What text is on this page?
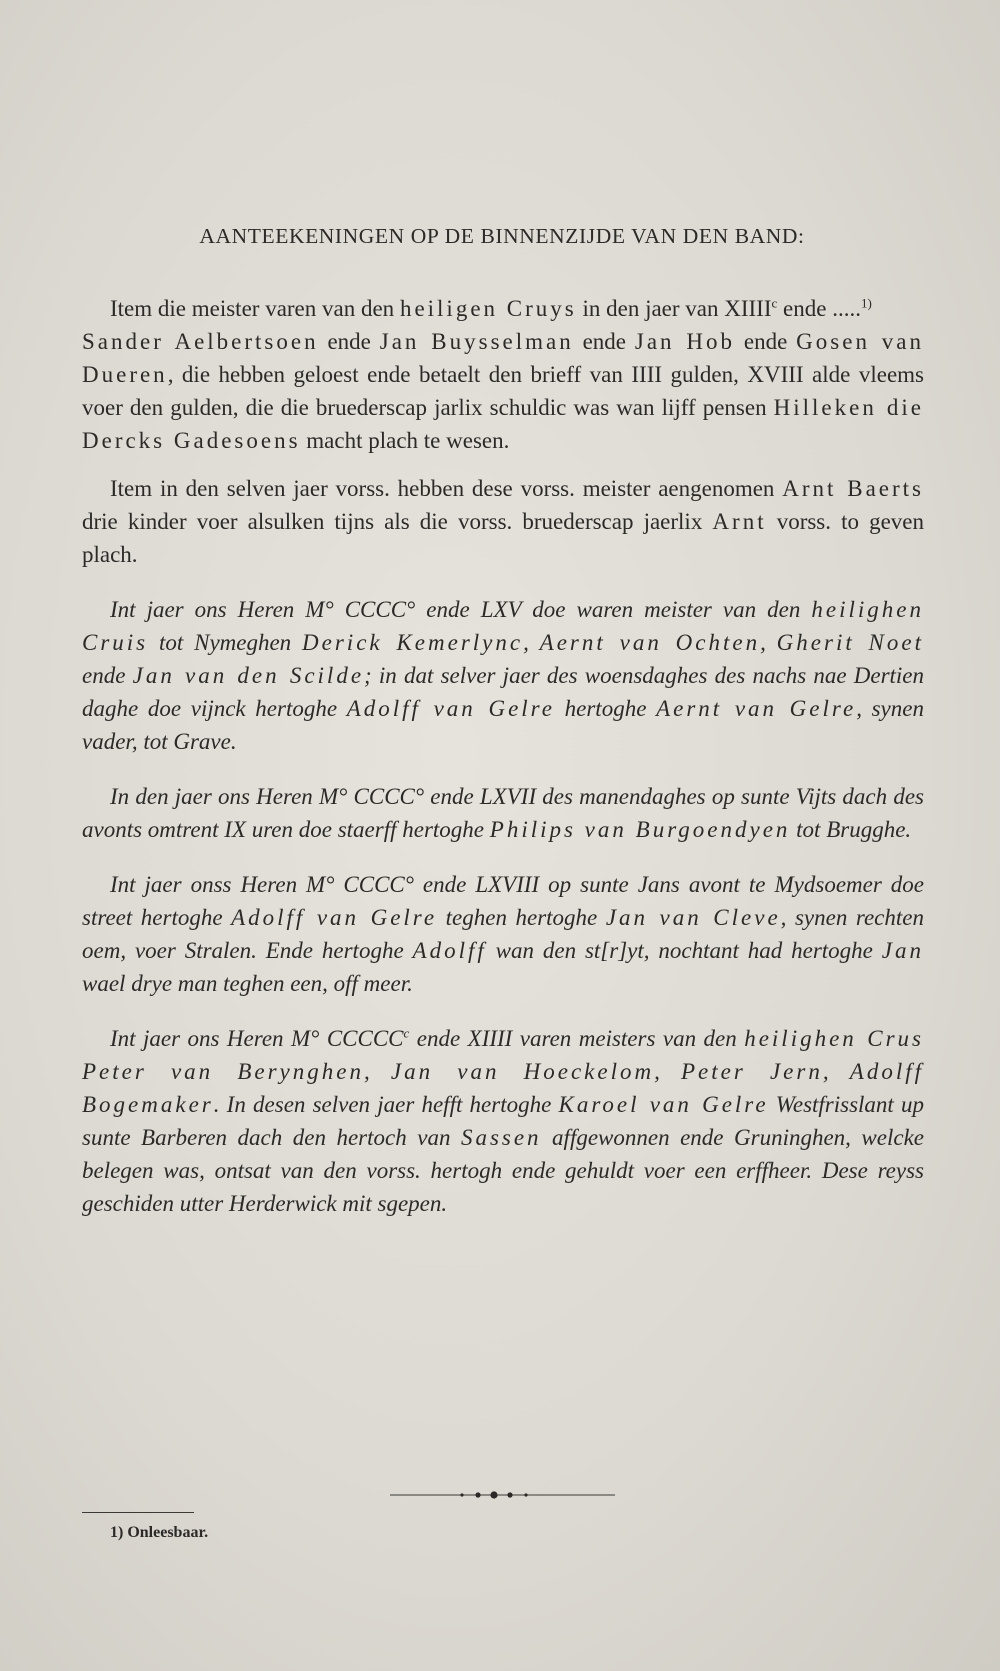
AANTEEKENINGEN OP DE BINNENZIJDE VAN DEN BAND:

Item die meister varen van den heiligen Cruys in den jaer van XIIII$^c$ ende .....$^{1)}$
Sander Aelbertsoen ende Jan Buysselman ende Jan Hob ende Gosen van Dueren, die hebben geloest ende betaelt den brieff van IIII gulden, XVIII alde vleems voer den gulden, die die bruederscap jarlix schuldic was wan lijff pensen Hilleken die Dercks Gadesoens macht plach te wesen.

Item in den selven jaer vorss. hebben dese vorss. meister aengenomen Arnt Baerts drie kinder voer alsulken tijns als die vorss. bruederscap jaerlix Arnt vorss. to geven plach.

Int jaer ons Heren M° CCCC° ende LXV doe waren meister van den heilighen Cruis tot Nymeghen Derick Kemerlync, Aernt van Ochten, Gherit Noet ende Jan van den Scilde; in dat selver jaer des woensdaghes des nachs nae Dertien daghe doe vijnck hertoghe Adolff van Gelre hertoghe Aernt van Gelre, synen vader, tot Grave.

In den jaer ons Heren M° CCCC° ende LXVII des manendaghes op sunte Vijts dach des avonts omtrent IX uren doe staerff hertoghe Philips van Burgoendyen tot Brugghe.

Int jaer onss Heren M° CCCC° ende LXVIII op sunte Jans avont te Mydsoemer doe street hertoghe Adolff van Gelre teghen hertoghe Jan van Cleve, synen rechten oem, voer Stralen. Ende hertoghe Adolff wan den st[r]yt, nochtant had hertoghe Jan wael drye man teghen een, off meer.

Int jaer ons Heren M° CCCCC$^c$ ende XIIII varen meisters van den heilighen Crus Peter van Berynghen, Jan van Hoeckelom, Peter Jern, Adolff Bogemaker. In desen selven jaer hefft hertoghe Karoel van Gelre Westfrisslant up sunte Barberen dach den hertoch van Sassen affgewonnen ende Gruninghen, welcke belegen was, ontsat van den vorss. hertogh ende gehuldt voer een erffheer. Dese reyss geschiden utter Herderwick mit sgepen.

1) Onleesbaar.
